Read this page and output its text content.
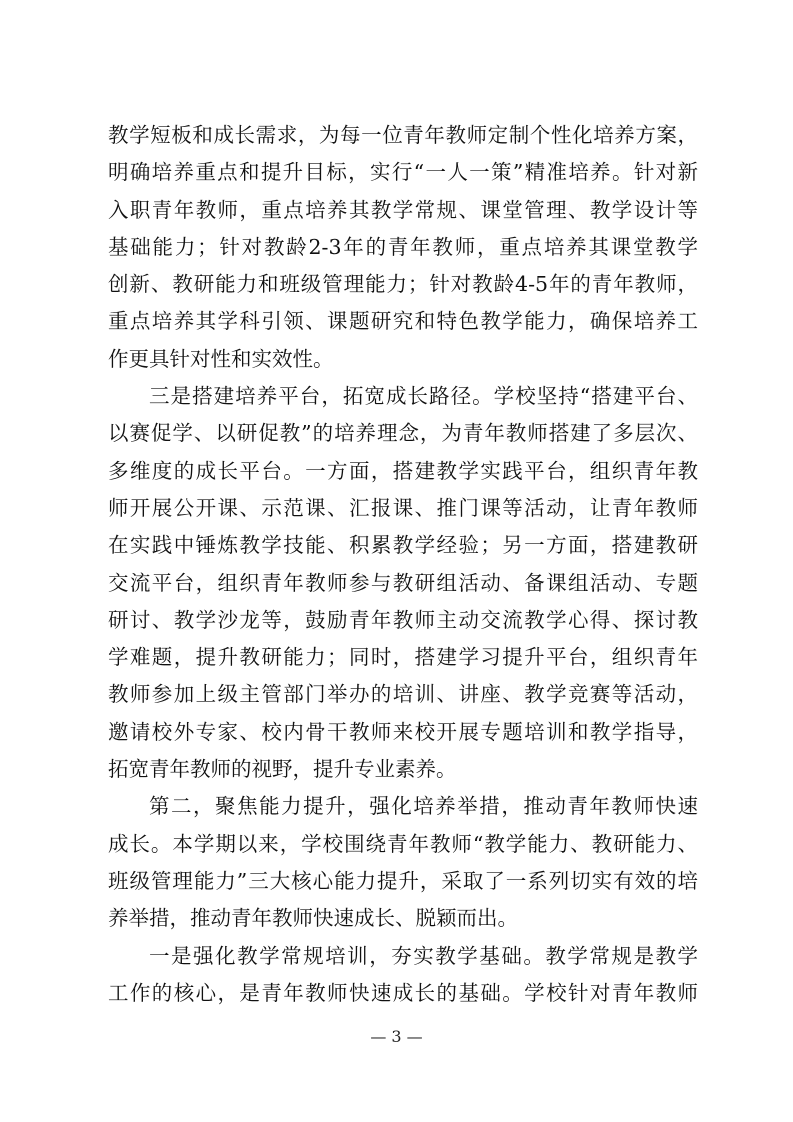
教学短板和成长需求，为每一位青年教师定制个性化培养方案，
明确培养重点和提升目标，实行“一人一策”精准培养。针对新
入职青年教师，重点培养其教学常规、课堂管理、教学设计等
基础能力；针对教龄2-3年的青年教师，重点培养其课堂教学
创新、教研能力和班级管理能力；针对教龄4-5年的青年教师，
重点培养其学科引领、课题研究和特色教学能力，确保培养工
作更具针对性和实效性。
三是搭建培养平台，拓宽成长路径。学校坚持“搭建平台、
以赛促学、以研促教”的培养理念，为青年教师搭建了多层次、
多维度的成长平台。一方面，搭建教学实践平台，组织青年教
师开展公开课、示范课、汇报课、推门课等活动，让青年教师
在实践中锤炼教学技能、积累教学经验；另一方面，搭建教研
交流平台，组织青年教师参与教研组活动、备课组活动、专题
研讨、教学沙龙等，鼓励青年教师主动交流教学心得、探讨教
学难题，提升教研能力；同时，搭建学习提升平台，组织青年
教师参加上级主管部门举办的培训、讲座、教学竞赛等活动，
邀请校外专家、校内骨干教师来校开展专题培训和教学指导，
拓宽青年教师的视野，提升专业素养。
第二，聚焦能力提升，强化培养举措，推动青年教师快速
成长。本学期以来，学校围绕青年教师“教学能力、教研能力、
班级管理能力”三大核心能力提升，采取了一系列切实有效的培
养举措，推动青年教师快速成长、脱颖而出。
一是强化教学常规培训，夯实教学基础。教学常规是教学
工作的核心，是青年教师快速成长的基础。学校针对青年教师
— 3 —
